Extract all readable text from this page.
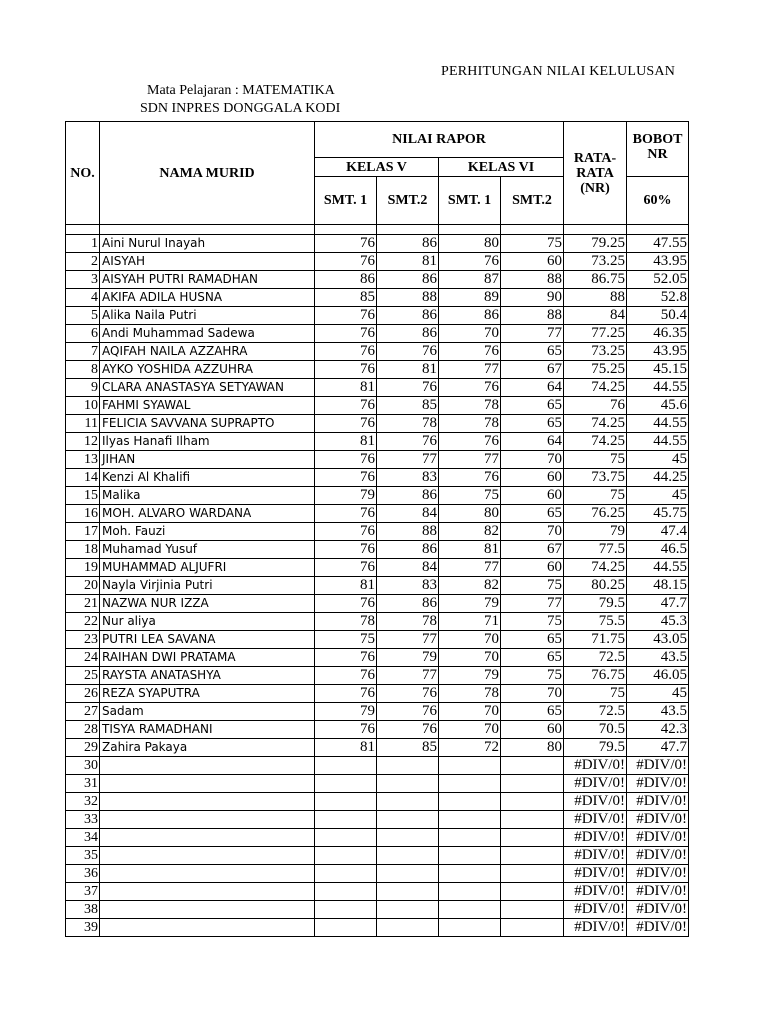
PERHITUNGAN NILAI KELULUSAN
Mata Pelajaran : MATEMATIKA
SDN INPRES DONGGALA KODI
NO.	NAMA MURID	NILAI RAPOR				RATA-RATA (NR)	BOBOT NR
		KELAS V		KELAS VI			
		SMT. 1	SMT.2	SMT. 1	SMT.2		60%

1	Aini Nurul Inayah	76	86	80	75	79.25	47.55
2	AISYAH	76	81	76	60	73.25	43.95
3	AISYAH PUTRI RAMADHAN	86	86	87	88	86.75	52.05
4	AKIFA ADILA HUSNA	85	88	89	90	88	52.8
5	Alika Naila Putri	76	86	86	88	84	50.4
6	Andi Muhammad Sadewa	76	86	70	77	77.25	46.35
7	AQIFAH NAILA AZZAHRA	76	76	76	65	73.25	43.95
8	AYKO YOSHIDA AZZUHRA	76	81	77	67	75.25	45.15
9	CLARA ANASTASYA SETYAWAN	81	76	76	64	74.25	44.55
10	FAHMI SYAWAL	76	85	78	65	76	45.6
11	FELICIA SAVVANA SUPRAPTO	76	78	78	65	74.25	44.55
12	Ilyas Hanafi Ilham	81	76	76	64	74.25	44.55
13	JIHAN	76	77	77	70	75	45
14	Kenzi Al Khalifi	76	83	76	60	73.75	44.25
15	Malika	79	86	75	60	75	45
16	MOH. ALVARO WARDANA	76	84	80	65	76.25	45.75
17	Moh. Fauzi	76	88	82	70	79	47.4
18	Muhamad Yusuf	76	86	81	67	77.5	46.5
19	MUHAMMAD ALJUFRI	76	84	77	60	74.25	44.55
20	Nayla Virjinia Putri	81	83	82	75	80.25	48.15
21	NAZWA NUR IZZA	76	86	79	77	79.5	47.7
22	Nur aliya	78	78	71	75	75.5	45.3
23	PUTRI LEA SAVANA	75	77	70	65	71.75	43.05
24	RAIHAN DWI PRATAMA	76	79	70	65	72.5	43.5
25	RAYSTA ANATASHYA	76	77	79	75	76.75	46.05
26	REZA SYAPUTRA	76	76	78	70	75	45
27	Sadam	79	76	70	65	72.5	43.5
28	TISYA RAMADHANI	76	76	70	60	70.5	42.3
29	Zahira Pakaya	81	85	72	80	79.5	47.7
30						#DIV/0!	#DIV/0!
31						#DIV/0!	#DIV/0!
32						#DIV/0!	#DIV/0!
33						#DIV/0!	#DIV/0!
34						#DIV/0!	#DIV/0!
35						#DIV/0!	#DIV/0!
36						#DIV/0!	#DIV/0!
37						#DIV/0!	#DIV/0!
38						#DIV/0!	#DIV/0!
39						#DIV/0!	#DIV/0!
